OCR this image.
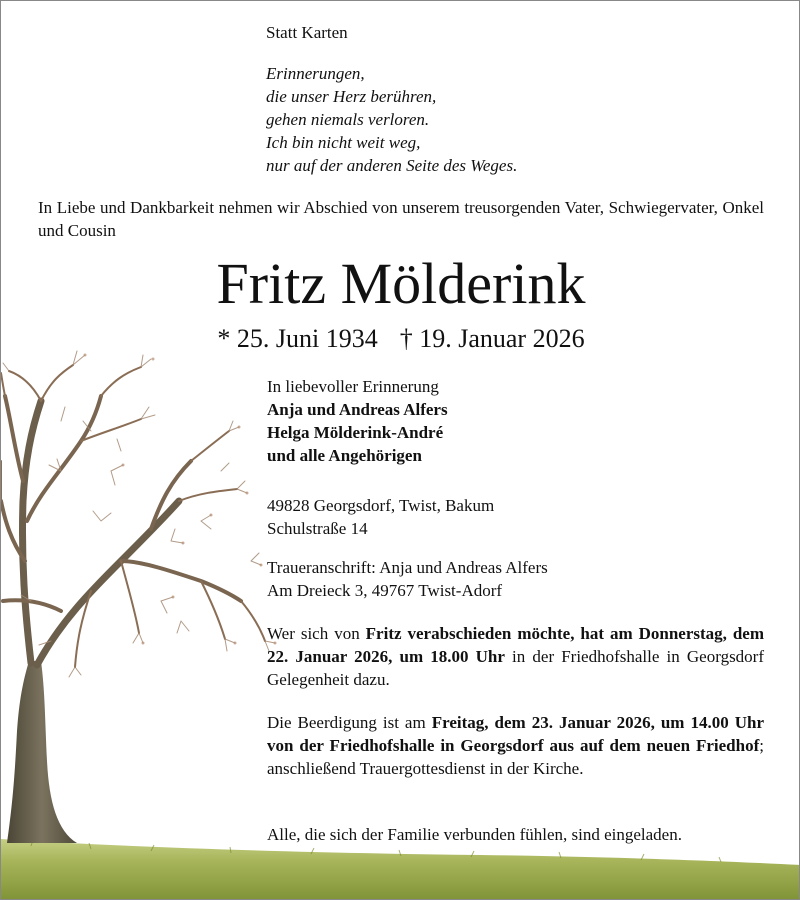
Statt Karten
Erinnerungen,
die unser Herz berühren,
gehen niemals verloren.
Ich bin nicht weit weg,
nur auf der anderen Seite des Weges.
In Liebe und Dankbarkeit nehmen wir Abschied von unserem treusorgenden Vater, Schwiegervater, Onkel und Cousin
Fritz Mölderink
* 25. Juni 1934 † 19. Januar 2026
In liebevoller Erinnerung
Anja und Andreas Alfers
Helga Mölderink-André
und alle Angehörigen
49828 Georgsdorf, Twist, Bakum
Schulstraße 14
Traueranschrift: Anja und Andreas Alfers
Am Dreieck 3, 49767 Twist-Adorf
Wer sich von Fritz verabschieden möchte, hat am Donnerstag, dem 22. Januar 2026, um 18.00 Uhr in der Friedhofshalle in Georgsdorf Gelegenheit dazu.
Die Beerdigung ist am Freitag, dem 23. Januar 2026, um 14.00 Uhr von der Friedhofshalle in Georgsdorf aus auf dem neuen Friedhof; anschließend Trauergottesdienst in der Kirche.
Alle, die sich der Familie verbunden fühlen, sind eingeladen.
